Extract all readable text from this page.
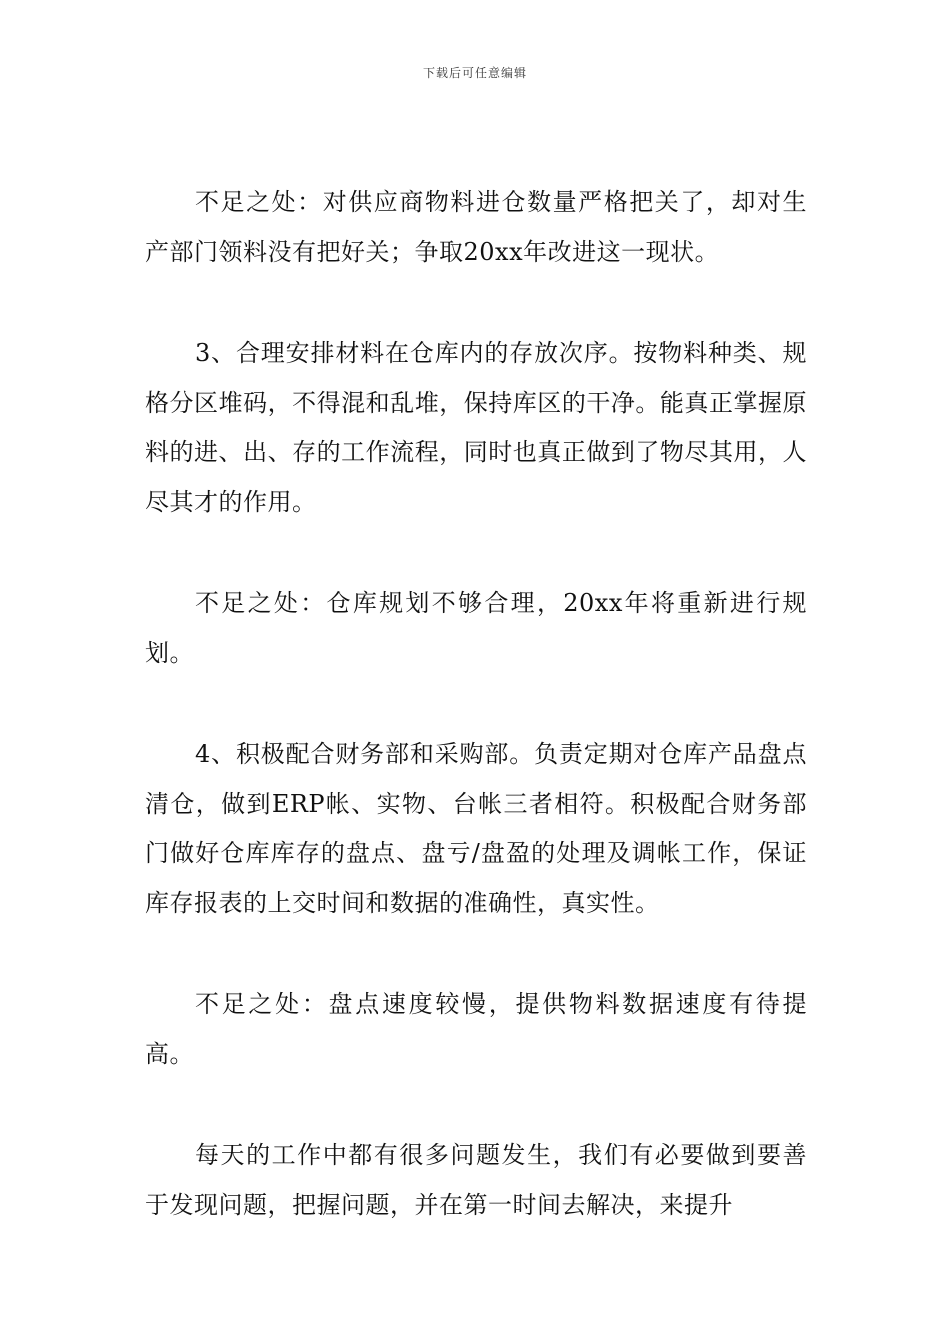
下载后可任意编辑

不足之处：对供应商物料进仓数量严格把关了，却对生产部门领料没有把好关；争取20xx年改进这一现状。

3、合理安排材料在仓库内的存放次序。按物料种类、规格分区堆码，不得混和乱堆，保持库区的干净。能真正掌握原料的进、出、存的工作流程，同时也真正做到了物尽其用，人尽其才的作用。

不足之处：仓库规划不够合理，20xx年将重新进行规划。

4、积极配合财务部和采购部。负责定期对仓库产品盘点清仓，做到ERP帐、实物、台帐三者相符。积极配合财务部门做好仓库库存的盘点、盘亏/盘盈的处理及调帐工作，保证库存报表的上交时间和数据的准确性，真实性。

不足之处：盘点速度较慢，提供物料数据速度有待提高。

每天的工作中都有很多问题发生，我们有必要做到要善于发现问题，把握问题，并在第一时间去解决，来提升
